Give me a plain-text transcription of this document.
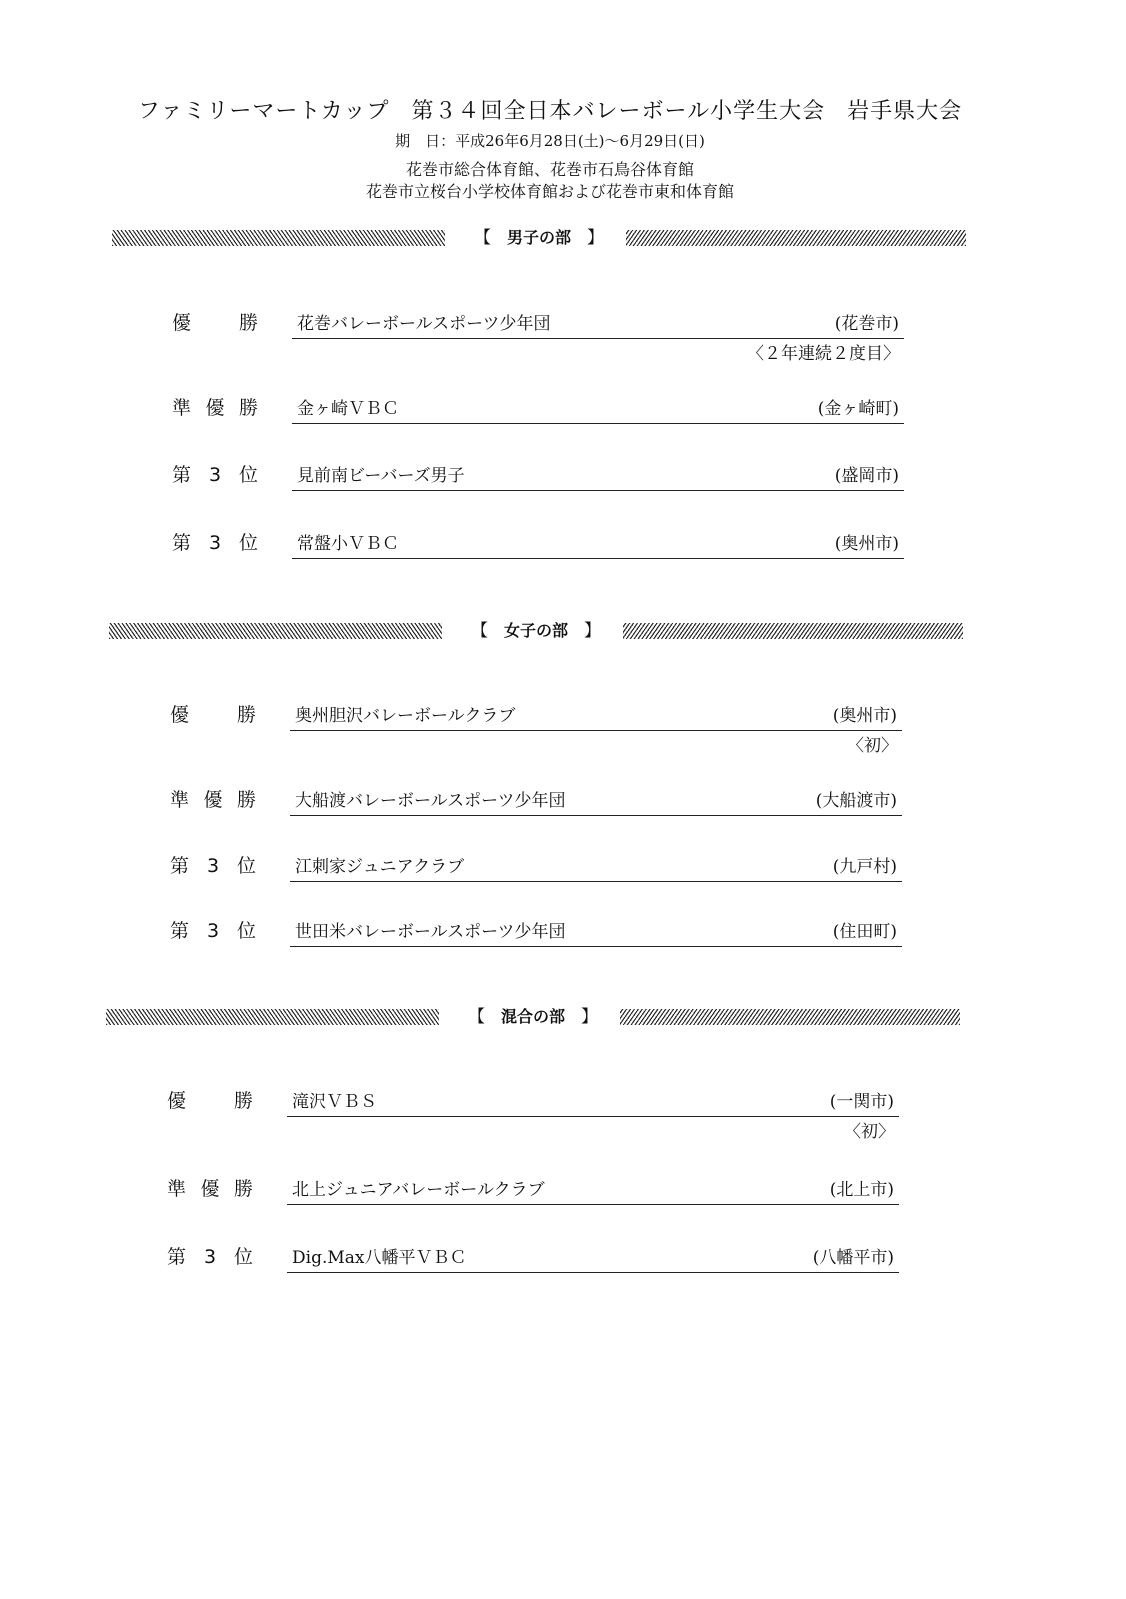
ファミリーマートカップ 第３４回全日本バレーボール小学生大会 岩手県大会
期　日：平成26年6月28日(土)～6月29日(日)
花巻市総合体育館、花巻市石鳥谷体育館
花巻市立桜台小学校体育館および花巻市東和体育館
【 男子の部 】
優	勝 花巻バレーボールスポーツ少年団	(花巻市)
〈２年連続２度目〉
準 優 勝 金ヶ崎ＶＢＣ	(金ヶ崎町)
第 3 位 見前南ビーバーズ男子	(盛岡市)
第 3 位 常盤小ＶＢＣ	(奥州市)
【 女子の部 】
優	勝 奥州胆沢バレーボールクラブ	(奥州市)
〈初〉
準 優 勝 大船渡バレーボールスポーツ少年団	(大船渡市)
第 3 位 江刺家ジュニアクラブ	(九戸村)
第 3 位 世田米バレーボールスポーツ少年団	(住田町)
【 混合の部 】
優	勝 滝沢ＶＢＳ	(一関市)
〈初〉
準 優 勝 北上ジュニアバレーボールクラブ	(北上市)
第 3 位 Dig.Max八幡平ＶＢＣ	(八幡平市)
